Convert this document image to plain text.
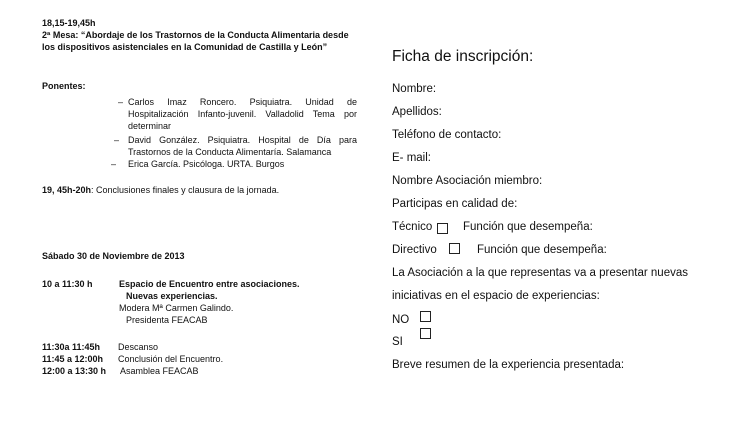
18,15-19,45h
2ª Mesa: “Abordaje de los Trastornos de la Conducta Alimentaria desde
los dispositivos asistenciales en la Comunidad de Castilla y León”
Ponentes:
– Carlos Imaz Roncero. Psiquiatra. Unidad de Hospitalización Infanto-juvenil. Valladolid Tema por determinar
– David González. Psiquiatra. Hospital de Día para Trastornos de la Conducta Alimentaría. Salamanca
– Erica García. Psicóloga. URTA. Burgos
19, 45h-20h: Conclusiones finales y clausura de la jornada.
Sábado 30 de Noviembre de 2013
10 a 11:30 h	Espacio de Encuentro entre asociaciones.
Nuevas experiencias.
Modera Mª Carmen Galindo.
Presidenta FEACAB
11:30a 11:45h Descanso
11:45 a 12:00h Conclusión del Encuentro.
12:00 a 13:30 h Asamblea FEACAB
Ficha de inscripción:
Nombre:
Apellidos:
Teléfono de contacto:
E- mail:
Nombre Asociación miembro:
Participas en calidad de:
Técnico	Función que desempeña:
Directivo	Función que desempeña:
La Asociación a la que representas va a presentar nuevas
iniciativas en el espacio de experiencias:
NO
SI
Breve resumen de la experiencia presentada:
